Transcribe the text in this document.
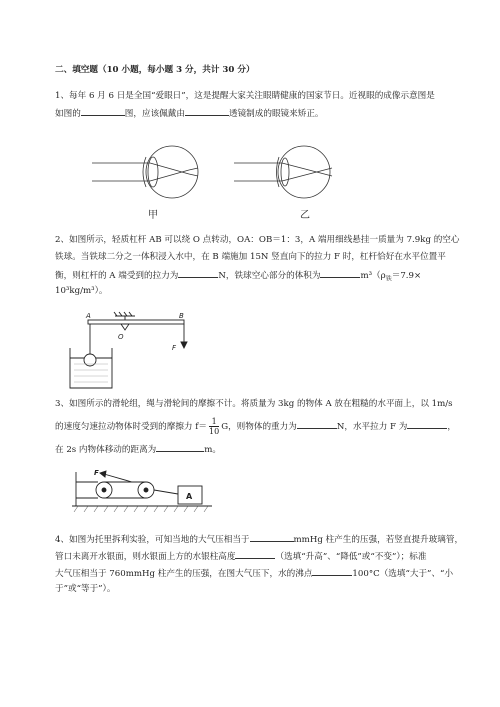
二、填空题（10 小题，每小题 3 分，共计 30 分）
1、每年 6 月 6 日是全国“爱眼日”，这是提醒大家关注眼睛健康的国家节日。近视眼的成像示意图是
如图的	图，应该佩戴由	透镜制成的眼镜来矫正。
甲	乙
2、如图所示，轻质杠杆 AB 可以绕 O 点转动，OA：OB＝1：3，A 端用细线悬挂一质量为 7.9kg 的空心
铁球。当铁球二分之一体积浸入水中，在 B 端施加 15N 竖直向下的拉力 F 时，杠杆恰好在水平位置平
衡，则杠杆的 A 端受到的拉力为	N，铁球空心部分的体积为	$m^3(\rho_铁=7.9\times$
10³kg/m³）。
A	B
O
F
3、如图所示的滑轮组，绳与滑轮间的摩擦不计。将质量为 3kg 的物体 A 放在粗糙的水平面上，以 1m/s
的速度匀速拉动物体时受到的摩擦力 $f= \frac{1}{10}$ G，则物体的重力为	N，水平拉力 F 为	，
在 2s 内物体移动的距离为	m。
F
A
4、如图为托里拆利实验，可知当地的大气压相当于	mmHg 柱产生的压强，若竖直提升玻璃管，
管口未离开水银面，则水银面上方的水银柱高度	（选填“升高”、“降低”或“不变”）；标准
大气压相当于 760mmHg 柱产生的压强，在图大气压下，水的沸点	100°C（选填“大于”、“小
于”或“等于”）。
